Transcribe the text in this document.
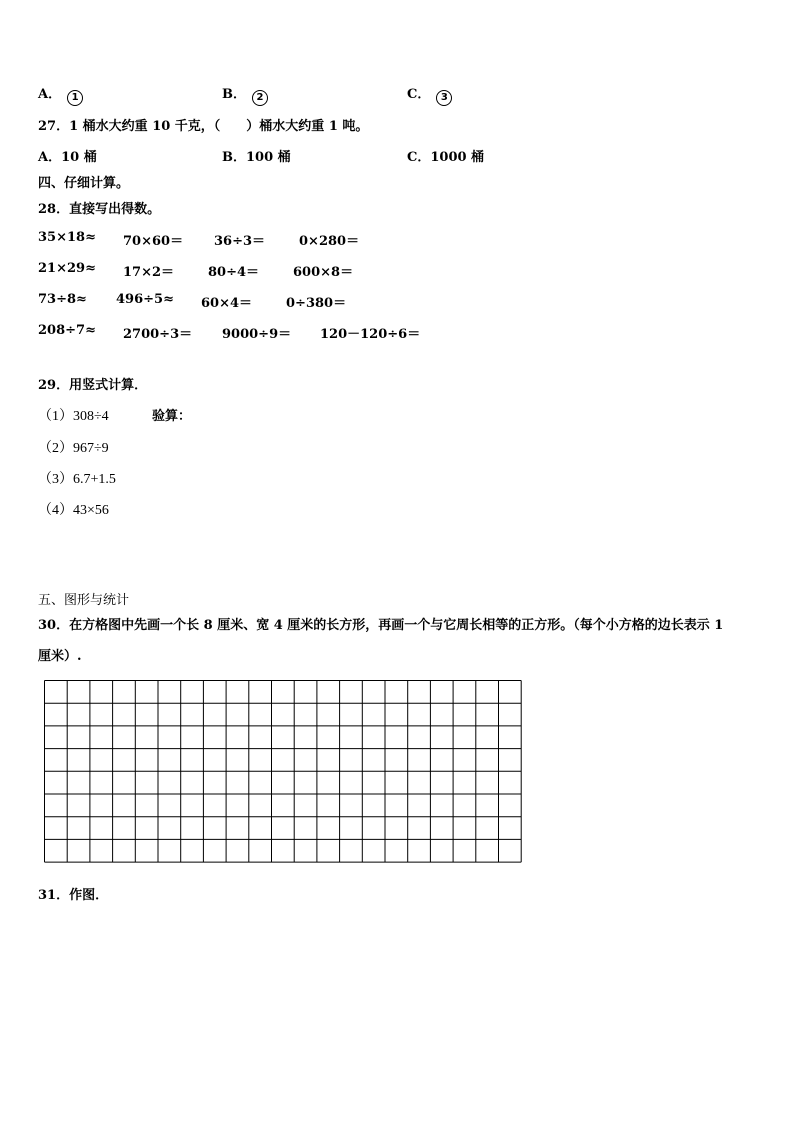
A． 1	B． 2	C． 3
27．1 桶水大约重 10 千克，（　　）桶水大约重 1 吨。
A．10 桶	B．100 桶	C．1000 桶
四、仔细计算。
28．直接写出得数。
35×18≈ 70×60＝ 36÷3＝	0×280＝
21×29≈ 17×2＝	80÷4＝	600×8＝
73÷8≈ 496÷5≈ 60×4＝	0÷380＝
208÷7≈ 2700÷3＝ 9000÷9＝ 120－120÷6＝
29．用竖式计算．
（1）308÷4	验算：
（2）967÷9
（3）6.7+1.5
（4）43×56
五、图形与统计
30．在方格图中先画一个长 8 厘米、宽 4 厘米的长方形，再画一个与它周长相等的正方形。（每个小方格的边长表示 1
厘米）.
31．作图．
